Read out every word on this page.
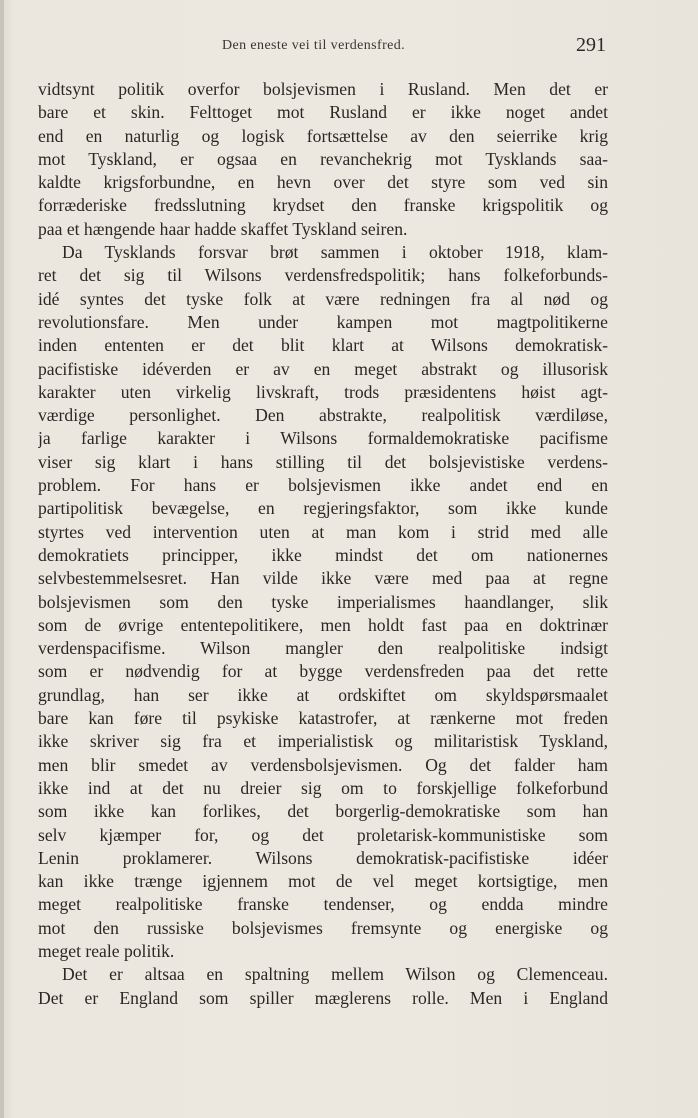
Den eneste vei til verdensfred.	291
vidtsynt politik overfor bolsjevismen i Rusland. Men det er
bare et skin. Felttoget mot Rusland er ikke noget andet
end en naturlig og logisk fortsættelse av den seierrike krig
mot Tyskland, er ogsaa en revanchekrig mot Tysklands saa-
kaldte krigsforbundne, en hevn over det styre som ved sin
forræderiske fredsslutning krydset den franske krigspolitik og
paa et hængende haar hadde skaffet Tyskland seiren.
Da Tysklands forsvar brøt sammen i oktober 1918, klam-
ret det sig til Wilsons verdensfredspolitik; hans folkeforbunds-
idé syntes det tyske folk at være redningen fra al nød og
revolutionsfare. Men under kampen mot magtpolitikerne
inden ententen er det blit klart at Wilsons demokratisk-
pacifistiske idéverden er av en meget abstrakt og illusorisk
karakter uten virkelig livskraft, trods præsidentens høist agt-
værdige personlighet. Den abstrakte, realpolitisk værdiløse,
ja farlige karakter i Wilsons formaldemokratiske pacifisme
viser sig klart i hans stilling til det bolsjevistiske verdens-
problem. For hans er bolsjevismen ikke andet end en
partipolitisk bevægelse, en regjeringsfaktor, som ikke kunde
styrtes ved intervention uten at man kom i strid med alle
demokratiets principper, ikke mindst det om nationernes
selvbestemmelsesret. Han vilde ikke være med paa at regne
bolsjevismen som den tyske imperialismes haandlanger, slik
som de øvrige ententepolitikere, men holdt fast paa en doktrinær
verdenspacifisme. Wilson mangler den realpolitiske indsigt
som er nødvendig for at bygge verdensfreden paa det rette
grundlag, han ser ikke at ordskiftet om skyldspørsmaalet
bare kan føre til psykiske katastrofer, at rænkerne mot freden
ikke skriver sig fra et imperialistisk og militaristisk Tyskland,
men blir smedet av verdensbolsjevismen. Og det falder ham
ikke ind at det nu dreier sig om to forskjellige folkeforbund
som ikke kan forlikes, det borgerlig-demokratiske som han
selv kjæmper for, og det proletarisk-kommunistiske som
Lenin proklamerer. Wilsons demokratisk-pacifistiske idéer
kan ikke trænge igjennem mot de vel meget kortsigtige, men
meget realpolitiske franske tendenser, og endda mindre
mot den russiske bolsjevismes fremsynte og energiske og
meget reale politik.
Det er altsaa en spaltning mellem Wilson og Clemenceau.
Det er England som spiller mæglerens rolle. Men i England
